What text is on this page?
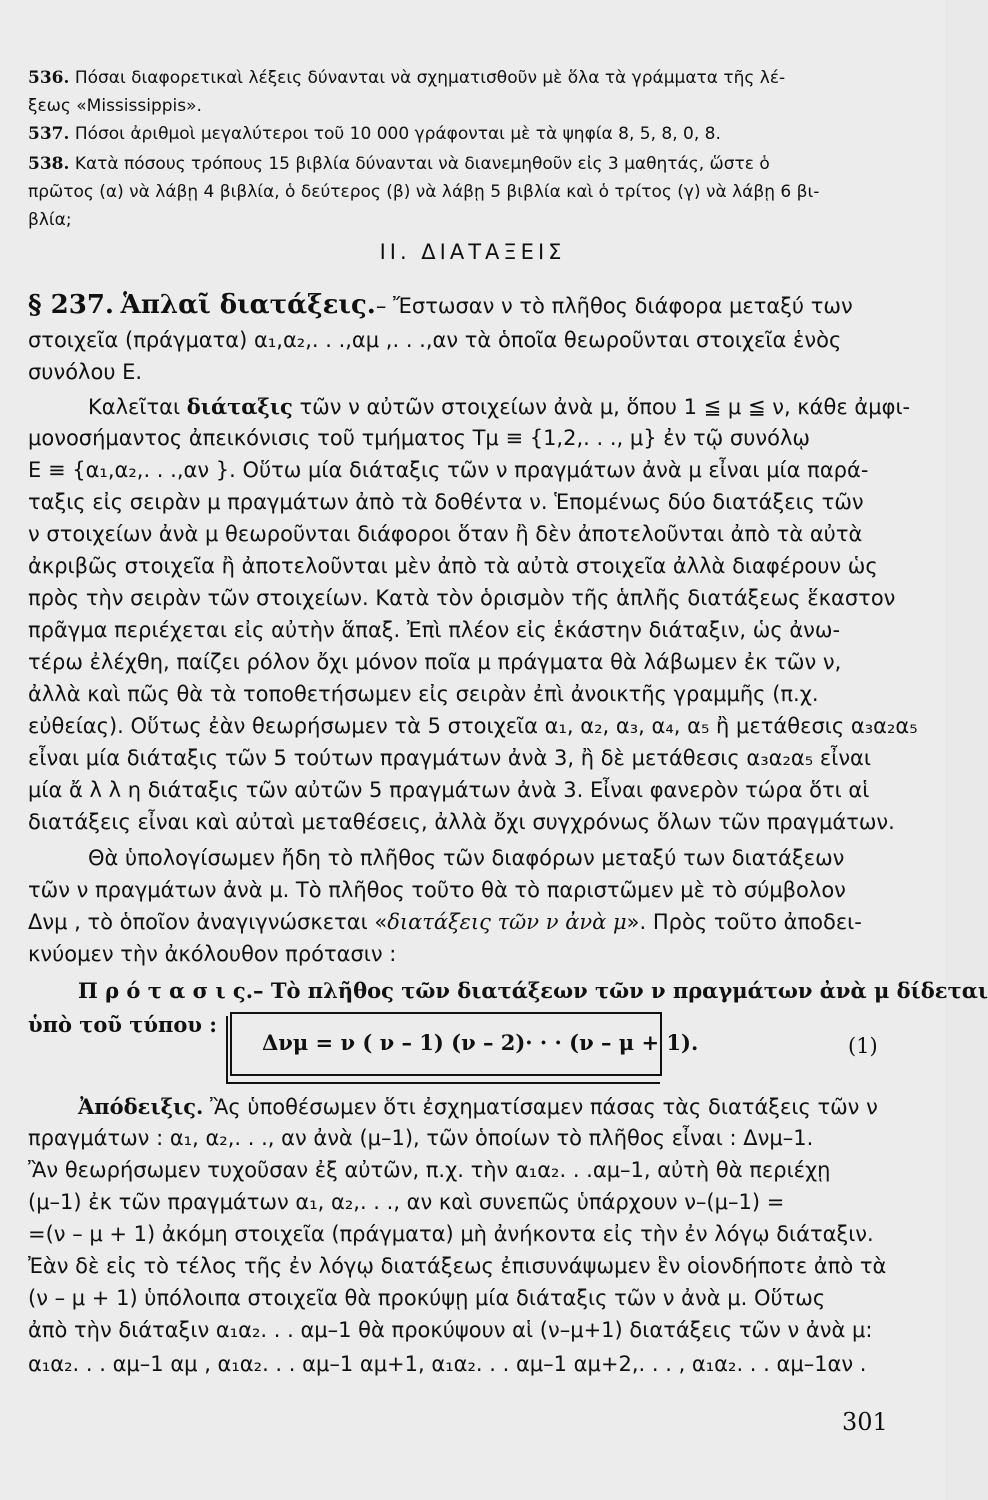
536. Πόσαι διαφορετικαὶ λέξεις δύνανται νὰ σχηματισθοῦν μὲ ὅλα τὰ γράμματα τῆς λέ-
ξεως «Mississippis».
537. Πόσοι ἀριθμοὶ μεγαλύτεροι τοῦ 10 000 γράφονται μὲ τὰ ψηφία 8, 5, 8, 0, 8.
538. Κατὰ πόσους τρόπους 15 βιβλία δύνανται νὰ διανεμηθοῦν εἰς 3 μαθητάς, ὥστε ὁ
πρῶτος (α) νὰ λάβῃ 4 βιβλία, ὁ δεύτερος (β) νὰ λάβῃ 5 βιβλία καὶ ὁ τρίτος (γ) νὰ λάβῃ 6 βι-
βλία;
II. ΔΙΑΤΑΞΕΙΣ
§ 237. Ἁπλαῖ διατάξεις.– Ἔστωσαν ν τὸ πλῆθος διάφορα μεταξύ των
στοιχεῖα (πράγματα) α₁,α₂,. . .,αμ ,. . .,αν τὰ ὁποῖα θεωροῦνται στοιχεῖα ἑνὸς
συνόλου Ε.
Καλεῖται διάταξις τῶν ν αὐτῶν στοιχείων ἀνὰ μ, ὅπου 1 ≦ μ ≦ ν, κάθε ἀμφι-
μονοσήμαντος ἀπεικόνισις τοῦ τμήματος Tμ ≡ {1,2,. . ., μ} ἐν τῷ συνόλῳ
Ε ≡ {α₁,α₂,. . .,αν }. Οὕτω μία διάταξις τῶν ν πραγμάτων ἀνὰ μ εἶναι μία παρά-
ταξις εἰς σειρὰν μ πραγμάτων ἀπὸ τὰ δοθέντα ν. Ἑπομένως δύο διατάξεις τῶν
ν στοιχείων ἀνὰ μ θεωροῦνται διάφοροι ὅταν ἢ δὲν ἀποτελοῦνται ἀπὸ τὰ αὐτὰ
ἀκριβῶς στοιχεῖα ἢ ἀποτελοῦνται μὲν ἀπὸ τὰ αὐτὰ στοιχεῖα ἀλλὰ διαφέρουν ὡς
πρὸς τὴν σειρὰν τῶν στοιχείων. Κατὰ τὸν ὁρισμὸν τῆς ἁπλῆς διατάξεως ἕκαστον
πρᾶγμα περιέχεται εἰς αὐτὴν ἅπαξ. Ἐπὶ πλέον εἰς ἑκάστην διάταξιν, ὡς ἀνω-
τέρω ἐλέχθη, παίζει ρόλον ὄχι μόνον ποῖα μ πράγματα θὰ λάβωμεν ἐκ τῶν ν,
ἀλλὰ καὶ πῶς θὰ τὰ τοποθετήσωμεν εἰς σειρὰν ἐπὶ ἀνοικτῆς γραμμῆς (π.χ.
εὐθείας). Οὕτως ἐὰν θεωρήσωμεν τὰ 5 στοιχεῖα α₁, α₂, α₃, α₄, α₅ ἢ μετάθεσις α₃α₂α₅
εἶναι μία διάταξις τῶν 5 τούτων πραγμάτων ἀνὰ 3, ἢ δὲ μετάθεσις α₃α₂α₅ εἶναι
μία ἄ λ λ η διάταξις τῶν αὐτῶν 5 πραγμάτων ἀνὰ 3. Εἶναι φανερὸν τώρα ὅτι αἱ
διατάξεις εἶναι καὶ αὐταὶ μεταθέσεις, ἀλλὰ ὄχι συγχρόνως ὅλων τῶν πραγμάτων.
Θὰ ὑπολογίσωμεν ἤδη τὸ πλῆθος τῶν διαφόρων μεταξύ των διατάξεων
τῶν ν πραγμάτων ἀνὰ μ. Τὸ πλῆθος τοῦτο θὰ τὸ παριστῶμεν μὲ τὸ σύμβολον
Δνμ , τὸ ὁποῖον ἀναγιγνώσκεται «διατάξεις τῶν ν ἀνὰ μ». Πρὸς τοῦτο ἀποδει-
κνύομεν τὴν ἀκόλουθον πρότασιν :
Π ρ ό τ α σ ι ς.– Τὸ πλῆθος τῶν διατάξεων τῶν ν πραγμάτων ἀνὰ μ δίδεται
ὑπὸ τοῦ τύπου :
Δνμ = ν ( ν – 1) (ν – 2)· · · (ν – μ + 1).	(1)
Ἀπόδειξις. Ἂς ὑποθέσωμεν ὅτι ἐσχηματίσαμεν πάσας τὰς διατάξεις τῶν ν
πραγμάτων : α₁, α₂,. . ., αν ἀνὰ (μ–1), τῶν ὁποίων τὸ πλῆθος εἶναι : Δνμ–1.
Ἂν θεωρήσωμεν τυχοῦσαν ἐξ αὐτῶν, π.χ. τὴν α₁α₂. . .αμ–1, αὐτὴ θὰ περιέχῃ
(μ–1) ἐκ τῶν πραγμάτων α₁, α₂,. . ., αν καὶ συνεπῶς ὑπάρχουν ν–(μ–1) =
=(ν – μ + 1) ἀκόμη στοιχεῖα (πράγματα) μὴ ἀνήκοντα εἰς τὴν ἐν λόγῳ διάταξιν.
Ἐὰν δὲ εἰς τὸ τέλος τῆς ἐν λόγῳ διατάξεως ἐπισυνάψωμεν ἓν οἱονδήποτε ἀπὸ τὰ
(ν – μ + 1) ὑπόλοιπα στοιχεῖα θὰ προκύψῃ μία διάταξις τῶν ν ἀνὰ μ. Οὕτως
ἀπὸ τὴν διάταξιν α₁α₂. . . αμ–1 θὰ προκύψουν αἱ (ν–μ+1) διατάξεις τῶν ν ἀνὰ μ:
α₁α₂. . . αμ–1 αμ , α₁α₂. . . αμ–1 αμ+1, α₁α₂. . . αμ–1 αμ+2,. . . , α₁α₂. . . αμ–1αν .
301
